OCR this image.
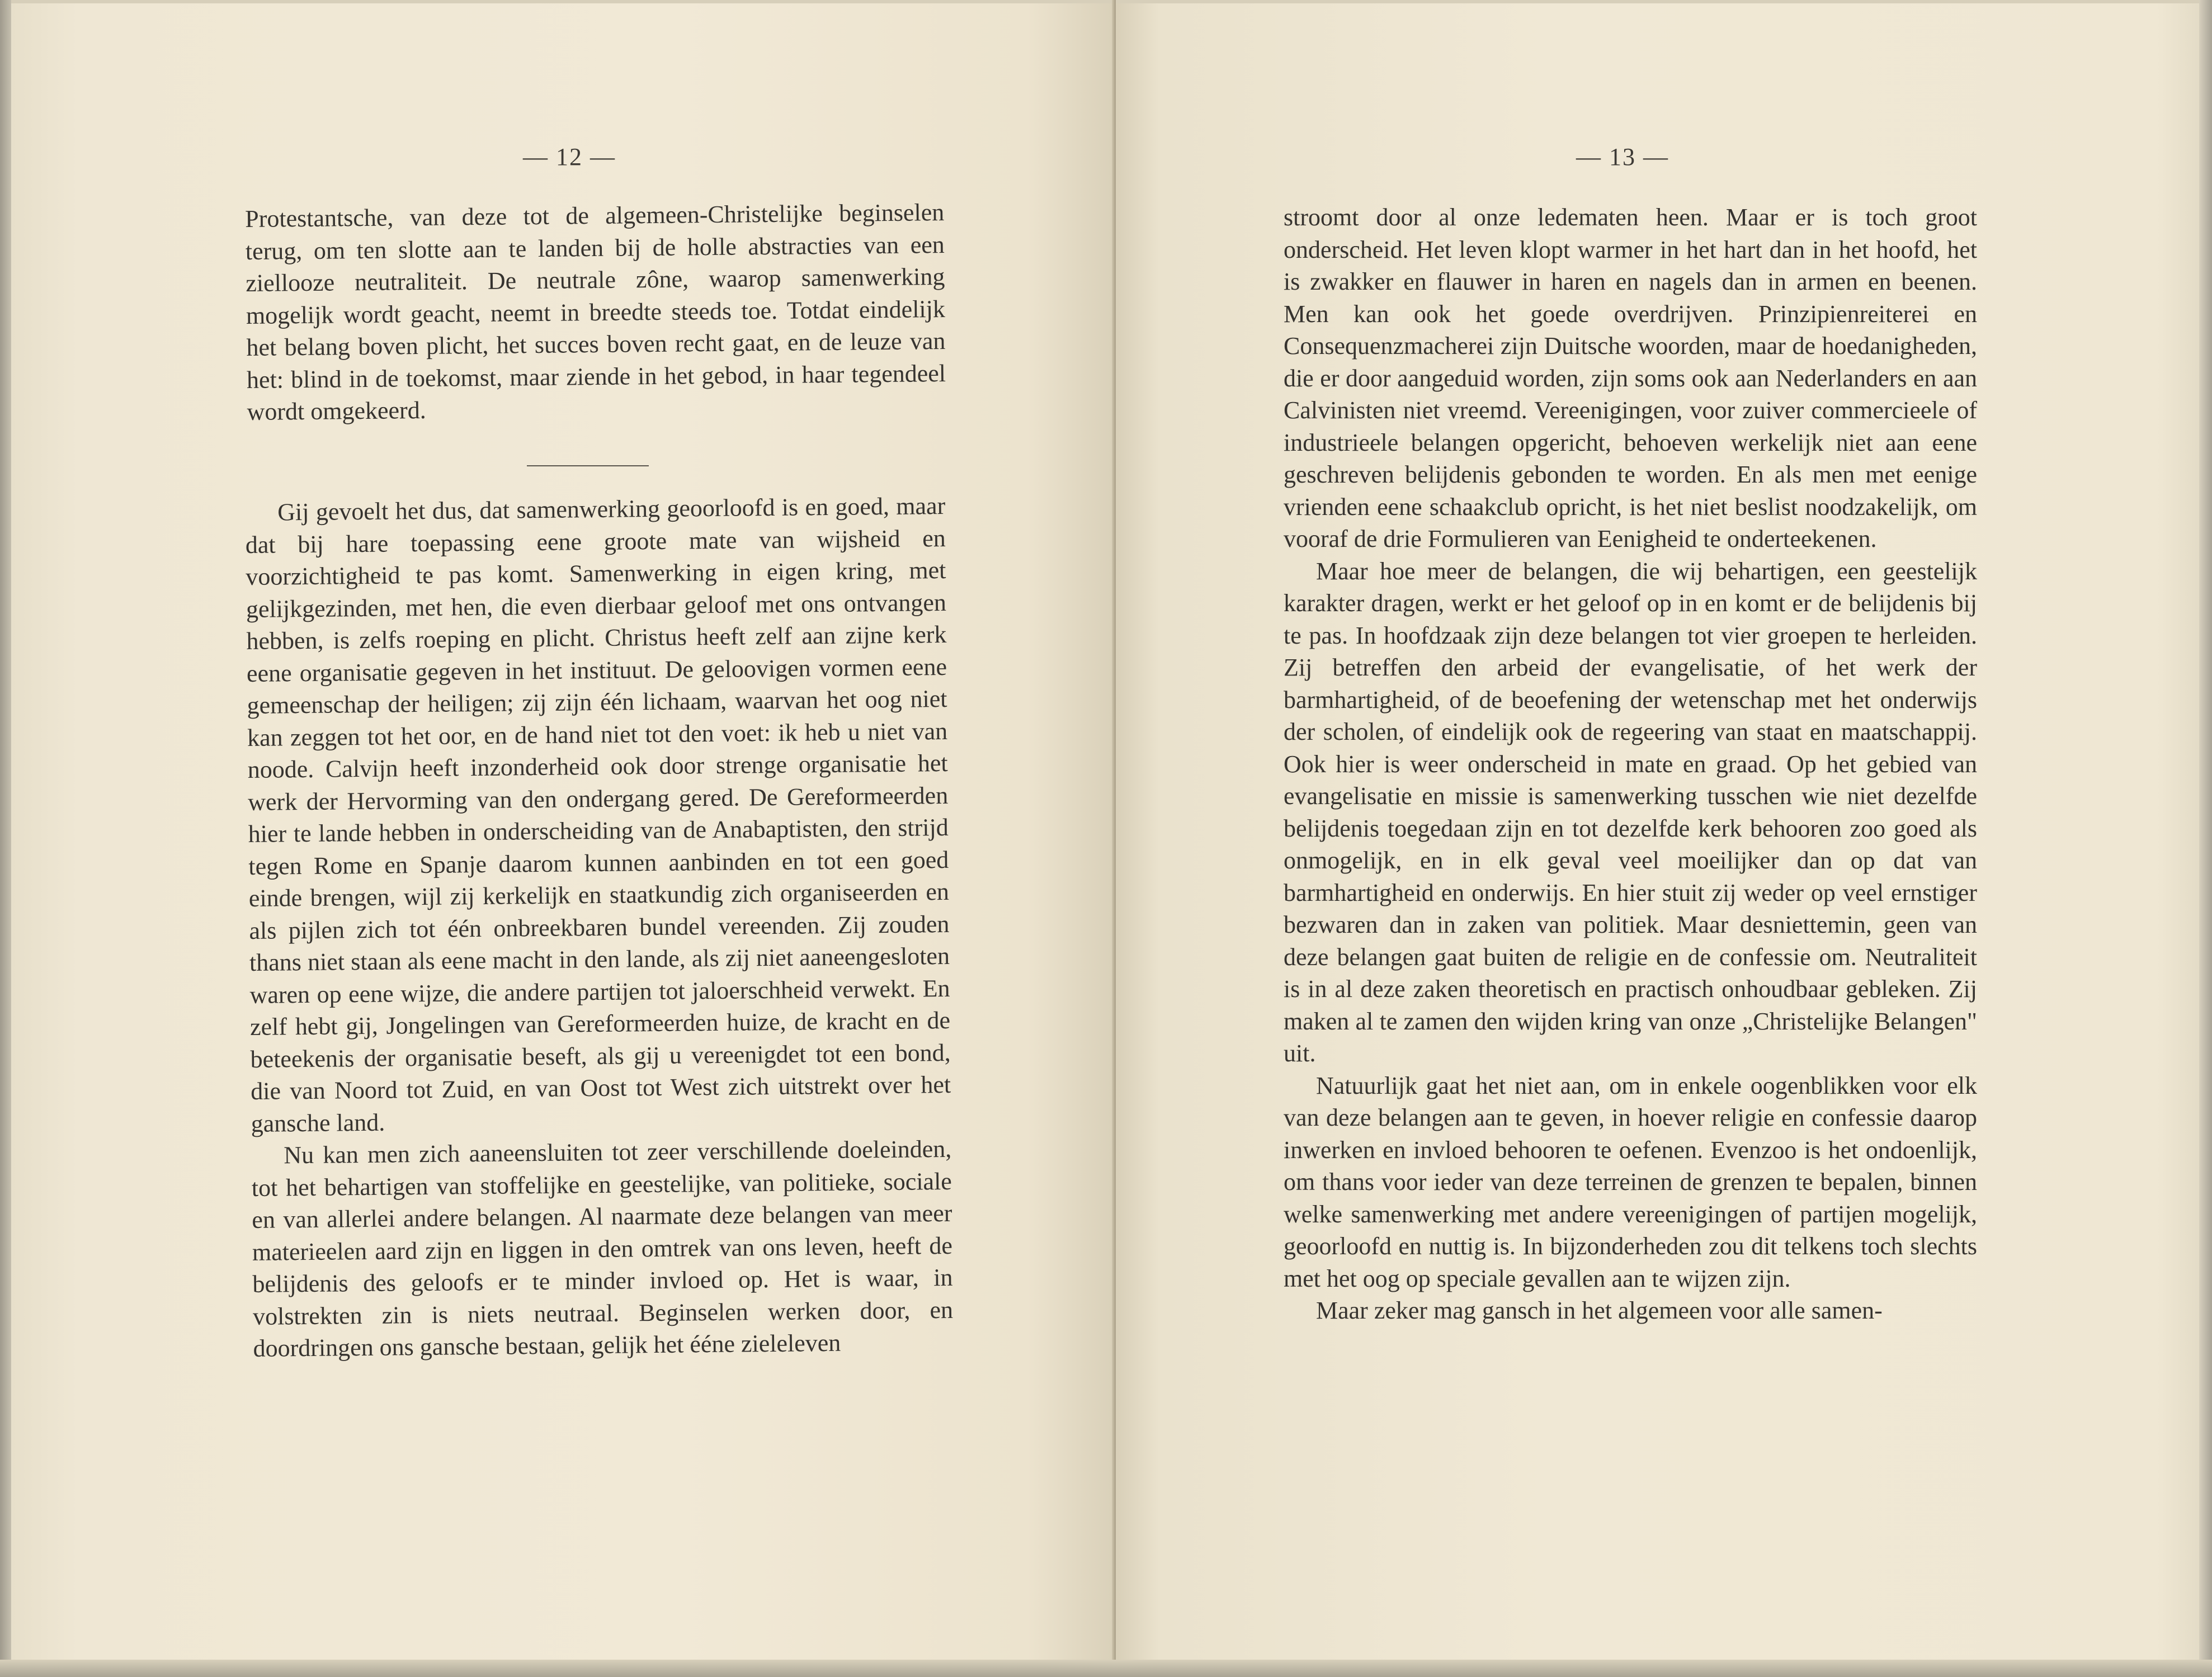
— 12 —

Protestantsche, van deze tot de algemeen-Christelijke beginselen terug, om ten slotte aan te landen bij de holle abstracties van een ziellooze neutraliteit. De neutrale zône, waarop samenwerking mogelijk wordt geacht, neemt in breedte steeds toe. Totdat eindelijk het belang boven plicht, het succes boven recht gaat, en de leuze van het: blind in de toekomst, maar ziende in het gebod, in haar tegendeel wordt omgekeerd.

Gij gevoelt het dus, dat samenwerking geoorloofd is en goed, maar dat bij hare toepassing eene groote mate van wijsheid en voorzichtigheid te pas komt. Samenwerking in eigen kring, met gelijkgezinden, met hen, die even dierbaar geloof met ons ontvangen hebben, is zelfs roeping en plicht. Christus heeft zelf aan zijne kerk eene organisatie gegeven in het instituut. De geloovigen vormen eene gemeenschap der heiligen; zij zijn één lichaam, waarvan het oog niet kan zeggen tot het oor, en de hand niet tot den voet: ik heb u niet van noode. Calvijn heeft inzonderheid ook door strenge organisatie het werk der Hervorming van den ondergang gered. De Gereformeerden hier te lande hebben in onderscheiding van de Anabaptisten, den strijd tegen Rome en Spanje daarom kunnen aanbinden en tot een goed einde brengen, wijl zij kerkelijk en staatkundig zich organiseerden en als pijlen zich tot één onbreekbaren bundel vereenden. Zij zouden thans niet staan als eene macht in den lande, als zij niet aaneengesloten waren op eene wijze, die andere partijen tot jaloerschheid verwekt. En zelf hebt gij, Jongelingen van Gereformeerden huize, de kracht en de beteekenis der organisatie beseft, als gij u vereenigdet tot een bond, die van Noord tot Zuid, en van Oost tot West zich uitstrekt over het gansche land.

Nu kan men zich aaneensluiten tot zeer verschillende doeleinden, tot het behartigen van stoffelijke en geestelijke, van politieke, sociale en van allerlei andere belangen. Al naarmate deze belangen van meer materieelen aard zijn en liggen in den omtrek van ons leven, heeft de belijdenis des geloofs er te minder invloed op. Het is waar, in volstrekten zin is niets neutraal. Beginselen werken door, en doordringen ons gansche bestaan, gelijk het ééne zieleleven

— 13 —

stroomt door al onze ledematen heen. Maar er is toch groot onderscheid. Het leven klopt warmer in het hart dan in het hoofd, het is zwakker en flauwer in haren en nagels dan in armen en beenen. Men kan ook het goede overdrijven. Prinzipienreiterei en Consequenzmacherei zijn Duitsche woorden, maar de hoedanigheden, die er door aangeduid worden, zijn soms ook aan Nederlanders en aan Calvinisten niet vreemd. Vereenigingen, voor zuiver commercieele of industrieele belangen opgericht, behoeven werkelijk niet aan eene geschreven belijdenis gebonden te worden. En als men met eenige vrienden eene schaakclub opricht, is het niet beslist noodzakelijk, om vooraf de drie Formulieren van Eenigheid te onderteekenen.

Maar hoe meer de belangen, die wij behartigen, een geestelijk karakter dragen, werkt er het geloof op in en komt er de belijdenis bij te pas. In hoofdzaak zijn deze belangen tot vier groepen te herleiden. Zij betreffen den arbeid der evangelisatie, of het werk der barmhartigheid, of de beoefening der wetenschap met het onderwijs der scholen, of eindelijk ook de regeering van staat en maatschappij. Ook hier is weer onderscheid in mate en graad. Op het gebied van evangelisatie en missie is samenwerking tusschen wie niet dezelfde belijdenis toegedaan zijn en tot dezelfde kerk behooren zoo goed als onmogelijk, en in elk geval veel moeilijker dan op dat van barmhartigheid en onderwijs. En hier stuit zij weder op veel ernstiger bezwaren dan in zaken van politiek. Maar desniettemin, geen van deze belangen gaat buiten de religie en de confessie om. Neutraliteit is in al deze zaken theoretisch en practisch onhoudbaar gebleken. Zij maken al te zamen den wijden kring van onze „Christelijke Belangen" uit.

Natuurlijk gaat het niet aan, om in enkele oogenblikken voor elk van deze belangen aan te geven, in hoever religie en confessie daarop inwerken en invloed behooren te oefenen. Evenzoo is het ondoenlijk, om thans voor ieder van deze terreinen de grenzen te bepalen, binnen welke samenwerking met andere vereenigingen of partijen mogelijk, geoorloofd en nuttig is. In bijzonderheden zou dit telkens toch slechts met het oog op speciale gevallen aan te wijzen zijn.

Maar zeker mag gansch in het algemeen voor alle samen-
